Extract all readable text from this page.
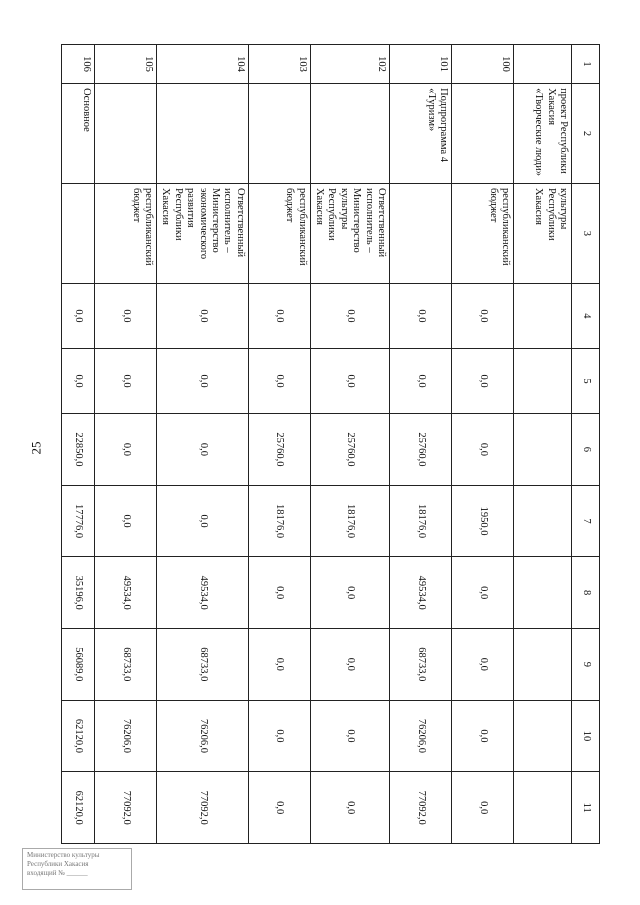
25
1	2	3	4	5	6	7	8	9	10	11
	проект Республики Хакасия «Творческие люди»	культуры Республики Хакасия								
100		республиканский бюджет	0,0	0,0	0,0	1950,0	0,0	0,0	0,0	0,0
101	Подпрограмма 4 «Туризм»		0,0	0,0	25760,0	18176,0	49534,0	68733,0	76206,0	77092,0
102		Ответственный исполнитель – Министерство культуры Республики Хакасия	0,0	0,0	25760,0	18176,0	0,0	0,0	0,0	0,0
103		республиканский бюджет	0,0	0,0	25760,0	18176,0	0,0	0,0	0,0	0,0
104		Ответственный исполнитель – Министерство экономического развития Республики Хакасия	0,0	0,0	0,0	0,0	49534,0	68733,0	76206,0	77092,0
105		республиканский бюджет	0,0	0,0	0,0	0,0	49534,0	68733,0	76206,0	77092,0
106	Основное		0,0	0,0	22850,0	17776,0	35196,0	56089,0	62120,0	62120,0
Министерство культуры
Республики Хакасия
входящий № ______
